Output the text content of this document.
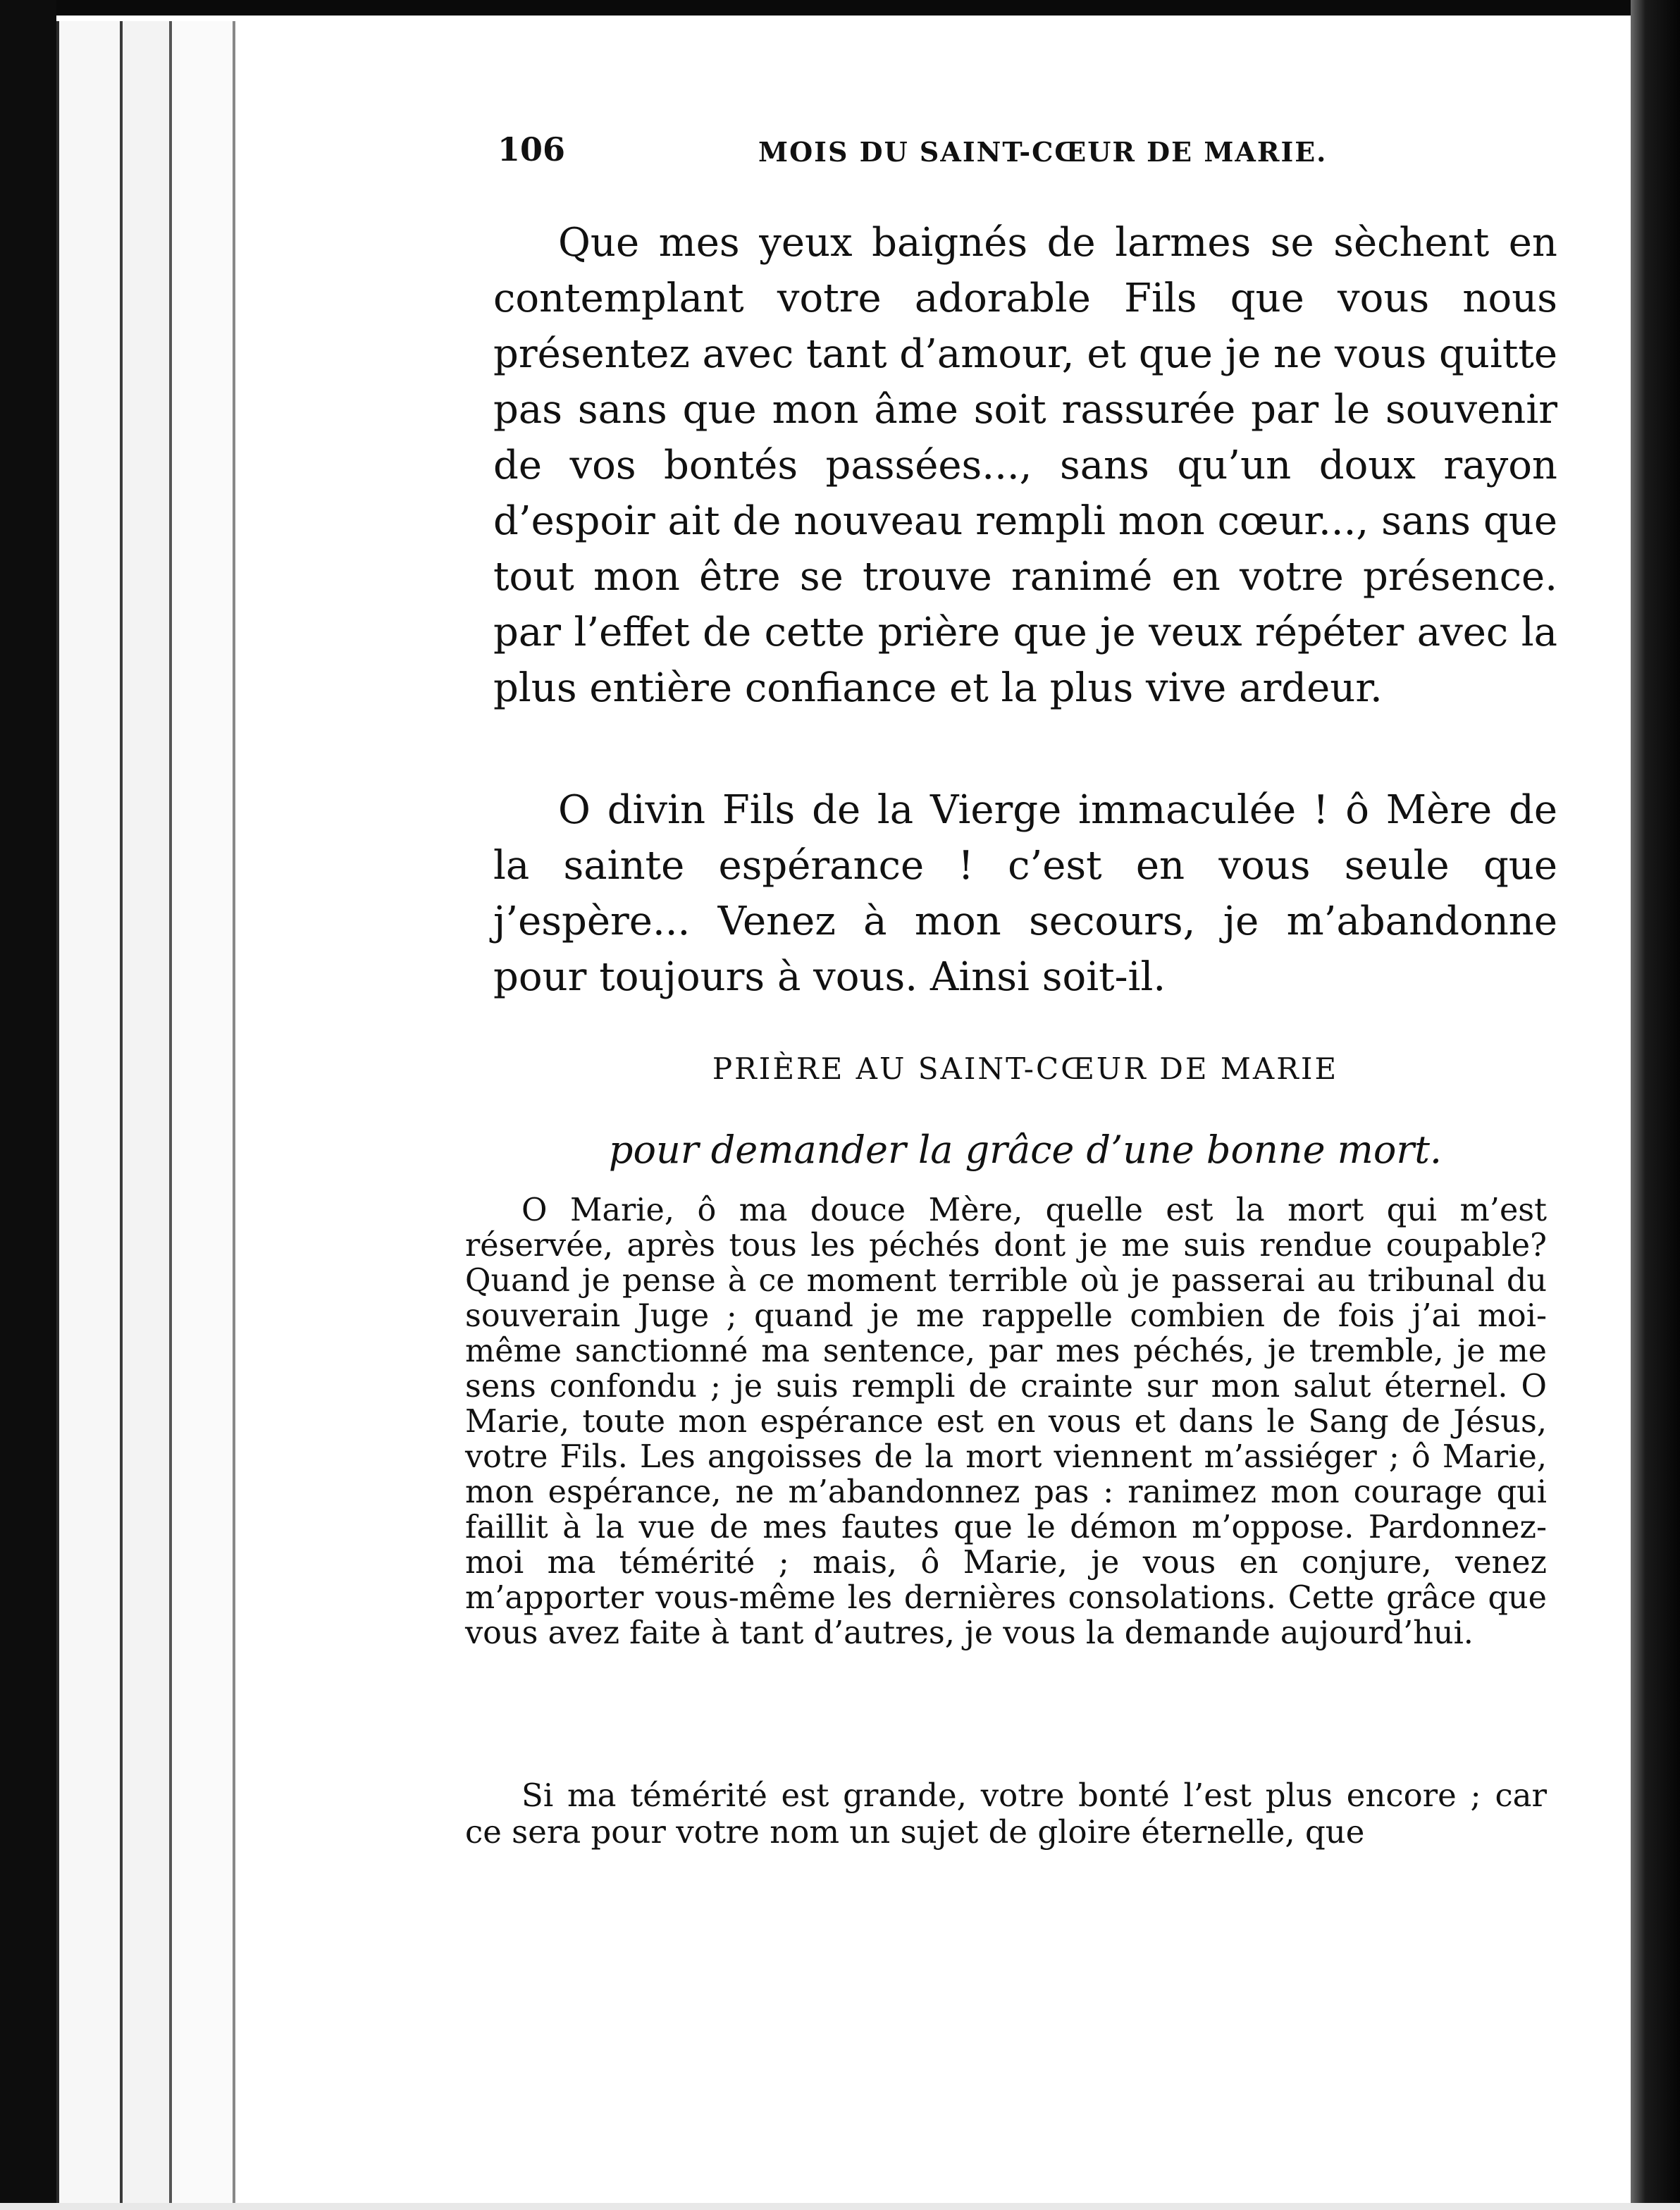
106	MOIS DU SAINT-CŒUR DE MARIE.
Que mes yeux baignés de larmes se sèchent en contemplant votre adorable Fils que vous nous présentez avec tant d’amour, et que je ne vous quitte pas sans que mon âme soit rassurée par le souvenir de vos bontés passées..., sans qu’un doux rayon d’espoir ait de nouveau rempli mon cœur..., sans que tout mon être se trouve ranimé en votre présence. par l’effet de cette prière que je veux répéter avec la plus entière confiance et la plus vive ardeur.
O divin Fils de la Vierge immaculée ! ô Mère de la sainte espérance ! c’est en vous seule que j’espère... Venez à mon secours, je m’abandonne pour toujours à vous. Ainsi soit-il.
PRIÈRE AU SAINT-CŒUR DE MARIE
pour demander la grâce d’une bonne mort.
O Marie, ô ma douce Mère, quelle est la mort qui m’est réservée, après tous les péchés dont je me suis rendue coupable? Quand je pense à ce moment terrible où je passerai au tribunal du souverain Juge ; quand je me rappelle combien de fois j’ai moi-même sanctionné ma sentence, par mes péchés, je tremble, je me sens confondu ; je suis rempli de crainte sur mon salut éternel. O Marie, toute mon espérance est en vous et dans le Sang de Jésus, votre Fils. Les angoisses de la mort viennent m’assiéger ; ô Marie, mon espérance, ne m’abandonnez pas : ranimez mon courage qui faillit à la vue de mes fautes que le démon m’oppose. Pardonnez-moi ma témérité ; mais, ô Marie, je vous en conjure, venez m’apporter vous-même les dernières consolations. Cette grâce que vous avez faite à tant d’autres, je vous la demande aujourd’hui.
Si ma témérité est grande, votre bonté l’est plus encore ; car ce sera pour votre nom un sujet de gloire éternelle, que
